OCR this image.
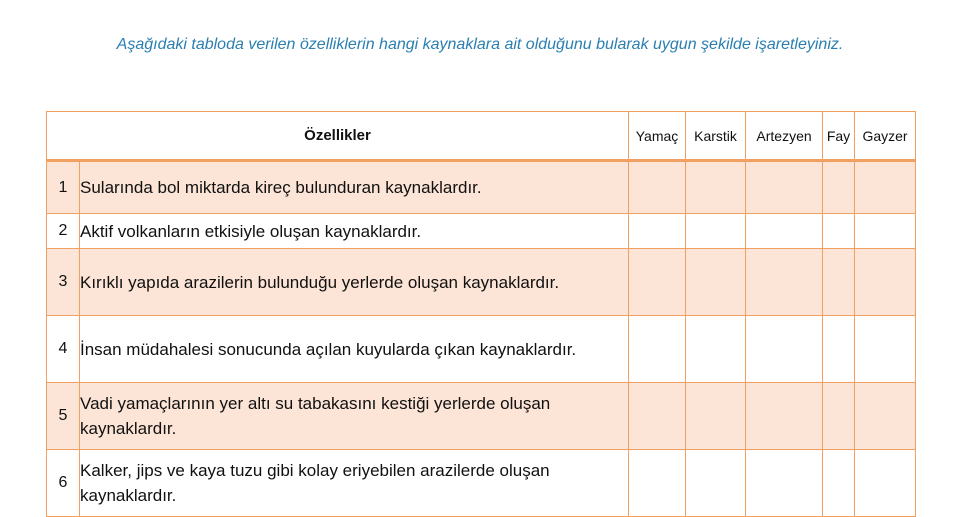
Aşağıdaki tabloda verilen özelliklerin hangi kaynaklara ait olduğunu bularak uygun şekilde işaretleyiniz.
Özellikler		Yamaç	Karstik	Artezyen	Fay	Gayzer
1	Sularında bol miktarda kireç bulunduran kaynaklardır.					
2	Aktif volkanların etkisiyle oluşan kaynaklardır.					
3	Kırıklı yapıda arazilerin bulunduğu yerlerde oluşan kaynaklardır.					
4	İnsan müdahalesi sonucunda açılan kuyularda çıkan kaynaklardır.					
5	Vadi yamaçlarının yer altı su tabakasını kestiği yerlerde oluşan kaynaklardır.					
6	Kalker, jips ve kaya tuzu gibi kolay eriyebilen arazilerde oluşan kaynaklardır.					
